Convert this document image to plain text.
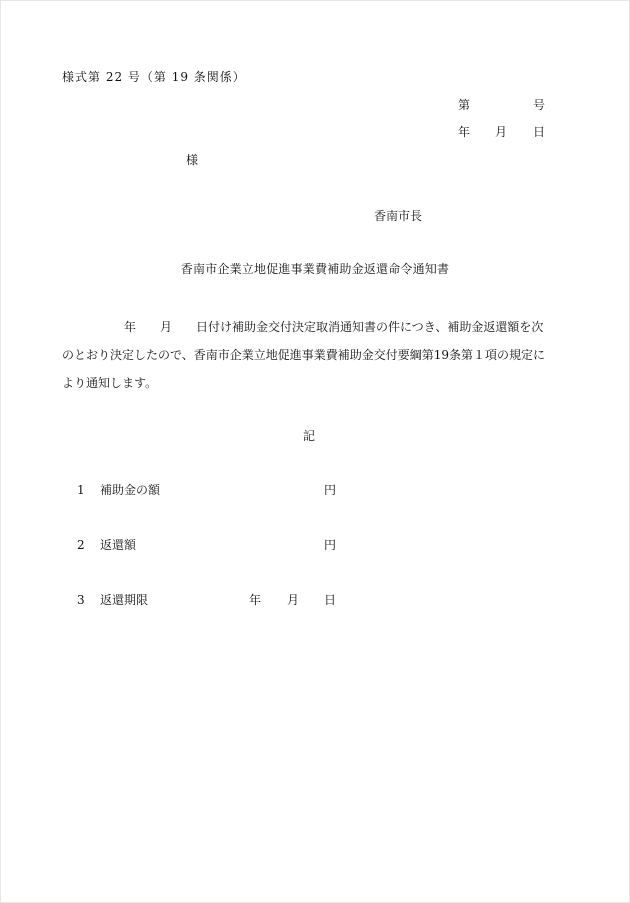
様式第 22 号（第 19 条関係）

第	号
年 月 日
様
香南市長
香南市企業立地促進事業費補助金返還命令通知書
年 月 日付け補助金交付決定取消通知書の件につき、補助金返還額を次
のとおり決定したので、香南市企業立地促進事業費補助金交付要綱第19条第１項の規定に
より通知します。
記
1 補助金の額	円
2 返還額	円
3 返還期限	年 月 日
